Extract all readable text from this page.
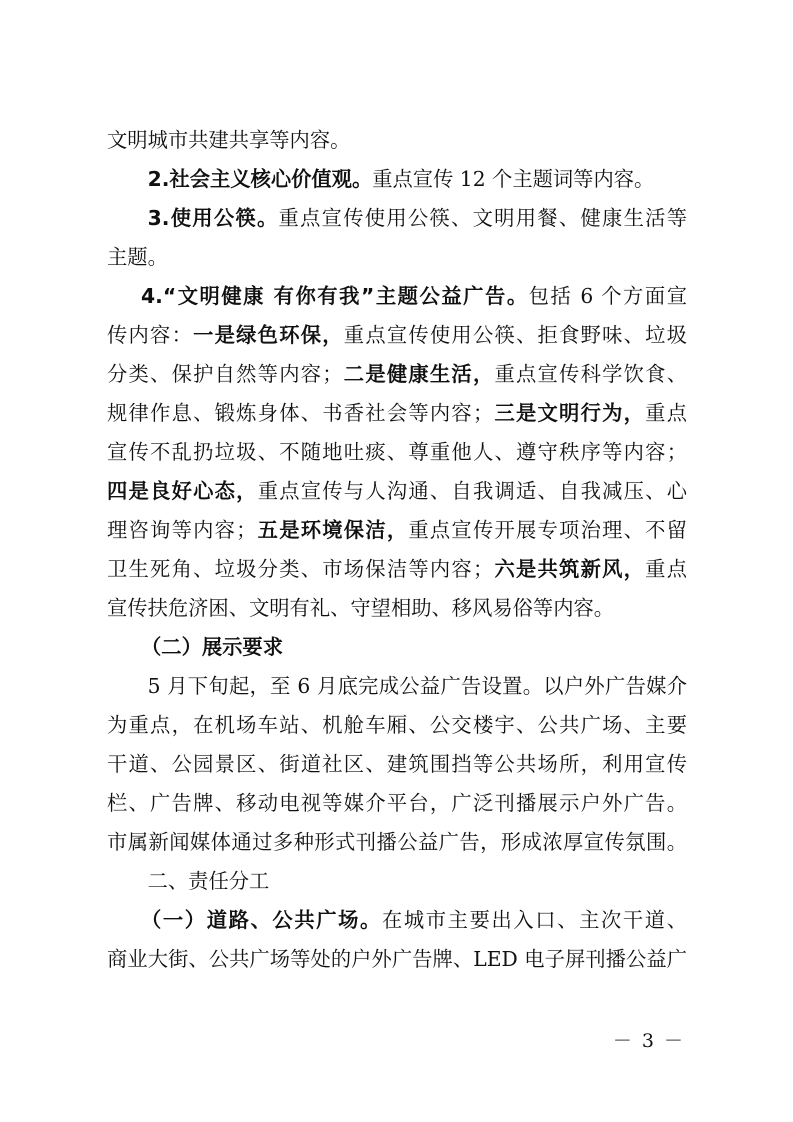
文明城市共建共享等内容。
2.社会主义核心价值观。重点宣传 12 个主题词等内容。
3.使用公筷。重点宣传使用公筷、文明用餐、健康生活等
主题。
4.“文明健康 有你有我”主题公益广告。包括 6 个方面宣
传内容：一是绿色环保，重点宣传使用公筷、拒食野味、垃圾
分类、保护自然等内容；二是健康生活，重点宣传科学饮食、
规律作息、锻炼身体、书香社会等内容；三是文明行为，重点
宣传不乱扔垃圾、不随地吐痰、尊重他人、遵守秩序等内容；
四是良好心态，重点宣传与人沟通、自我调适、自我减压、心
理咨询等内容；五是环境保洁，重点宣传开展专项治理、不留
卫生死角、垃圾分类、市场保洁等内容；六是共筑新风，重点
宣传扶危济困、文明有礼、守望相助、移风易俗等内容。
（二）展示要求
5 月下旬起，至 6 月底完成公益广告设置。以户外广告媒介
为重点，在机场车站、机舱车厢、公交楼宇、公共广场、主要
干道、公园景区、街道社区、建筑围挡等公共场所，利用宣传
栏、广告牌、移动电视等媒介平台，广泛刊播展示户外广告。
市属新闻媒体通过多种形式刊播公益广告，形成浓厚宣传氛围。
二、责任分工
（一）道路、公共广场。在城市主要出入口、主次干道、
商业大街、公共广场等处的户外广告牌、LED 电子屏刊播公益广
－ 3 －
